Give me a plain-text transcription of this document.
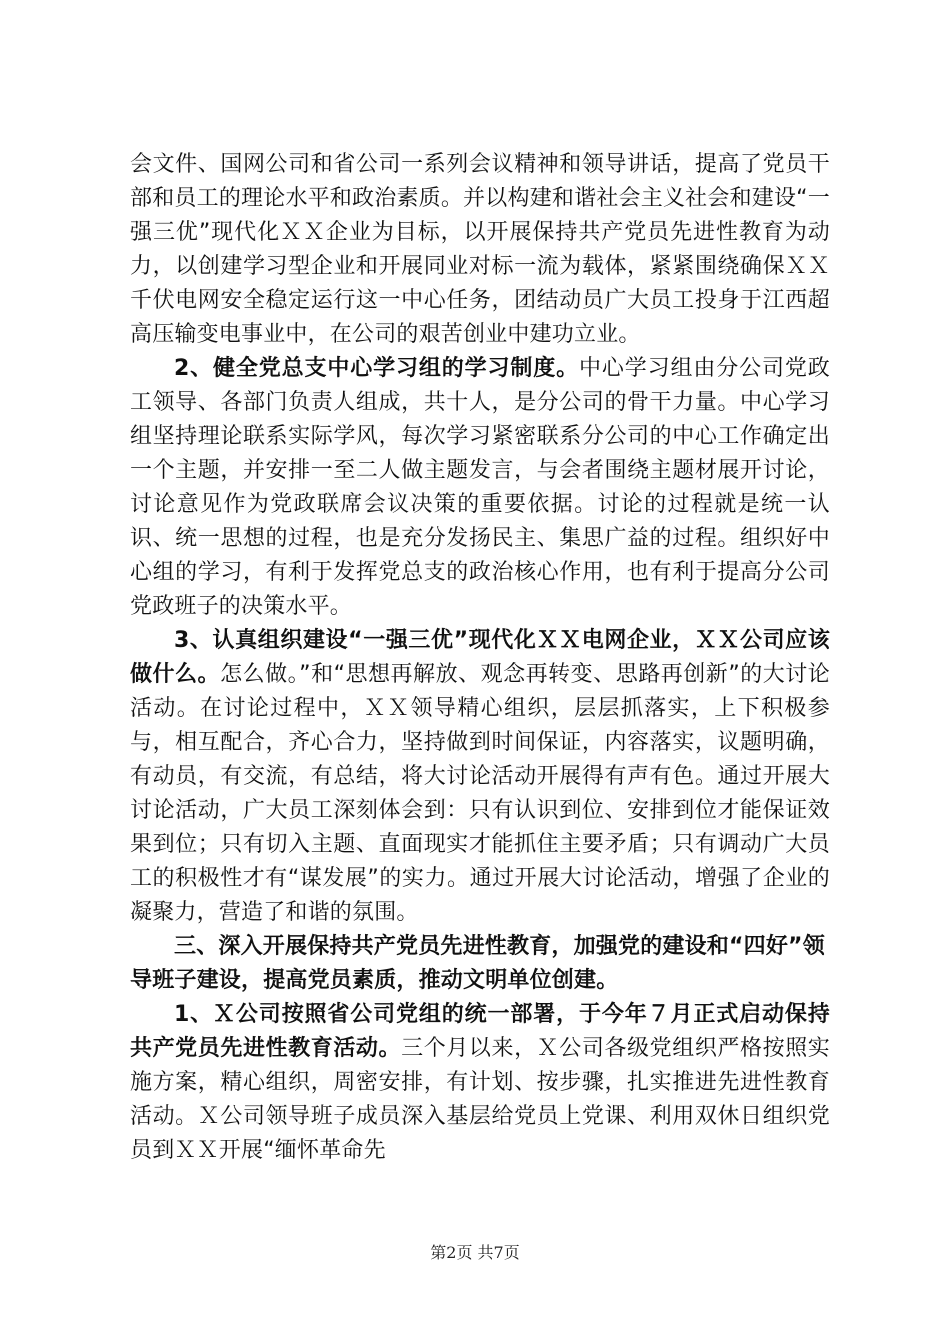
会文件、国网公司和省公司一系列会议精神和领导讲话，提高了党员干部和员工的理论水平和政治素质。并以构建和谐社会主义社会和建设“一强三优”现代化ＸＸ企业为目标，以开展保持共产党员先进性教育为动力，以创建学习型企业和开展同业对标一流为载体，紧紧围绕确保ＸＸ千伏电网安全稳定运行这一中心任务，团结动员广大员工投身于江西超高压输变电事业中，在公司的艰苦创业中建功立业。

2、健全党总支中心学习组的学习制度。中心学习组由分公司党政工领导、各部门负责人组成，共十人，是分公司的骨干力量。中心学习组坚持理论联系实际学风，每次学习紧密联系分公司的中心工作确定出一个主题，并安排一至二人做主题发言，与会者围绕主题材展开讨论，讨论意见作为党政联席会议决策的重要依据。讨论的过程就是统一认识、统一思想的过程，也是充分发扬民主、集思广益的过程。组织好中心组的学习，有利于发挥党总支的政治核心作用，也有利于提高分公司党政班子的决策水平。

3、认真组织建设“一强三优”现代化ＸＸ电网企业，ＸＸ公司应该做什么。怎么做。”和“思想再解放、观念再转变、思路再创新”的大讨论活动。在讨论过程中，ＸＸ领导精心组织，层层抓落实，上下积极参与，相互配合，齐心合力，坚持做到时间保证，内容落实，议题明确，有动员，有交流，有总结，将大讨论活动开展得有声有色。通过开展大讨论活动，广大员工深刻体会到：只有认识到位、安排到位才能保证效果到位；只有切入主题、直面现实才能抓住主要矛盾；只有调动广大员工的积极性才有“谋发展”的实力。通过开展大讨论活动，增强了企业的凝聚力，营造了和谐的氛围。

三、深入开展保持共产党员先进性教育，加强党的建设和“四好”领导班子建设，提高党员素质，推动文明单位创建。

1、Ｘ公司按照省公司党组的统一部署，于今年７月正式启动保持共产党员先进性教育活动。三个月以来，Ｘ公司各级党组织严格按照实施方案，精心组织，周密安排，有计划、按步骤，扎实推进先进性教育活动。Ｘ公司领导班子成员深入基层给党员上党课、利用双休日组织党员到ＸＸ开展“缅怀革命先

第2页 共7页
